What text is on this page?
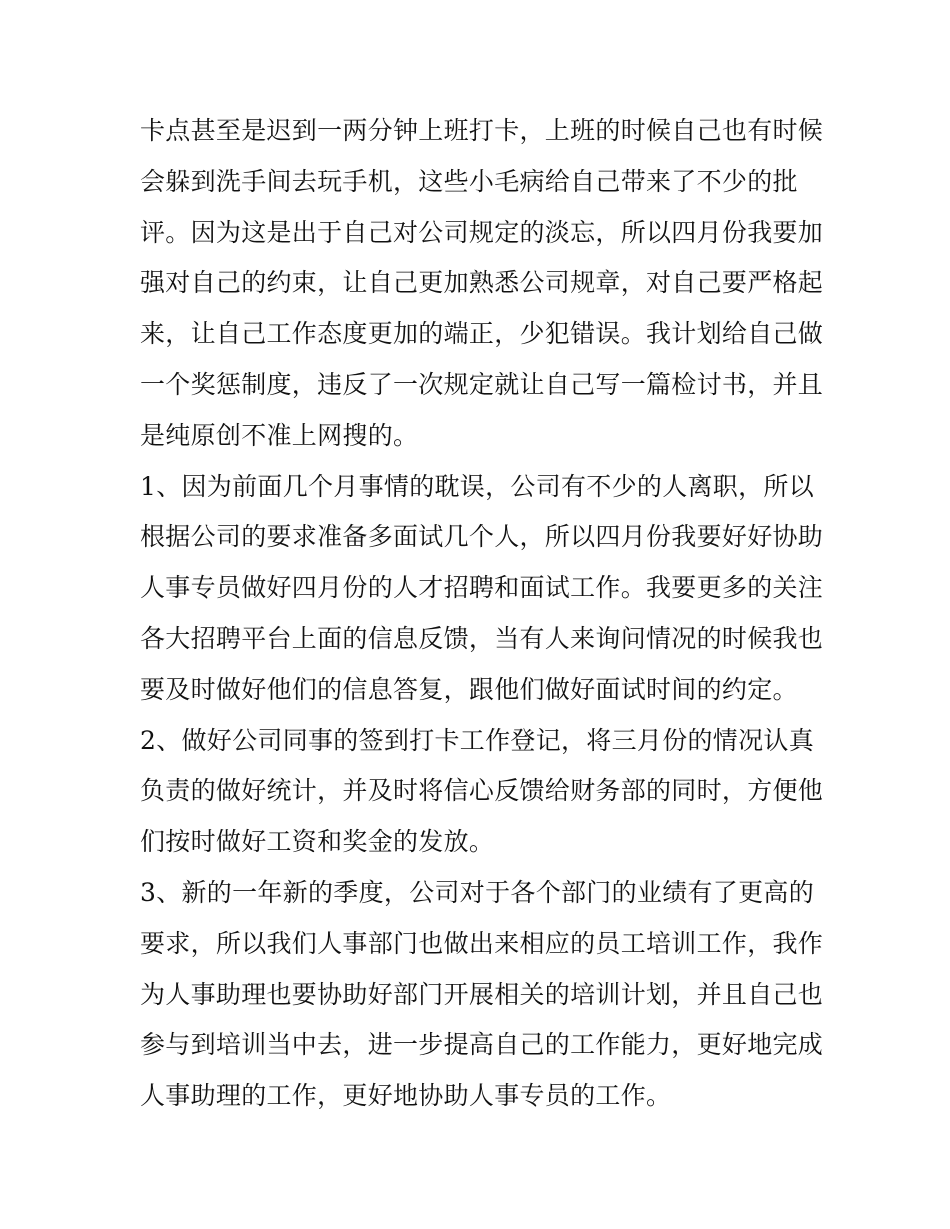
卡点甚至是迟到一两分钟上班打卡，上班的时候自己也有时候
会躲到洗手间去玩手机，这些小毛病给自己带来了不少的批
评。因为这是出于自己对公司规定的淡忘，所以四月份我要加
强对自己的约束，让自己更加熟悉公司规章，对自己要严格起
来，让自己工作态度更加的端正，少犯错误。我计划给自己做
一个奖惩制度，违反了一次规定就让自己写一篇检讨书，并且
是纯原创不准上网搜的。
1、因为前面几个月事情的耽误，公司有不少的人离职，所以
根据公司的要求准备多面试几个人，所以四月份我要好好协助
人事专员做好四月份的人才招聘和面试工作。我要更多的关注
各大招聘平台上面的信息反馈，当有人来询问情况的时候我也
要及时做好他们的信息答复，跟他们做好面试时间的约定。
2、做好公司同事的签到打卡工作登记，将三月份的情况认真
负责的做好统计，并及时将信心反馈给财务部的同时，方便他
们按时做好工资和奖金的发放。
3、新的一年新的季度，公司对于各个部门的业绩有了更高的
要求，所以我们人事部门也做出来相应的员工培训工作，我作
为人事助理也要协助好部门开展相关的培训计划，并且自己也
参与到培训当中去，进一步提高自己的工作能力，更好地完成
人事助理的工作，更好地协助人事专员的工作。
